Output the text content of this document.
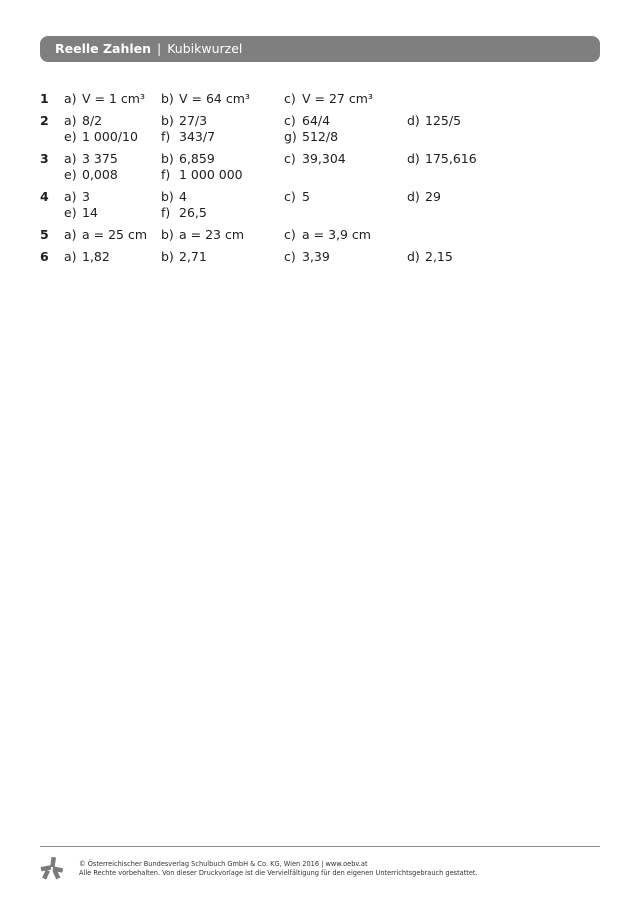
Reelle Zahlen | Kubikwurzel
1 a) V = 1 cm³ b) V = 64 cm³	c) V = 27 cm³
2 a) 8/2	b) 27/3	c) 64/4	d) 125/5
e) 1 000/10 f) 343/7	g) 512/8
3 a) 3 375	b) 6,859	c) 39,304	d) 175,616
e) 0,008	f) 1 000 000
4 a) 3	b) 4	c) 5	d) 29
e) 14	f) 26,5
5 a) a = 25 cm b) a = 23 cm	c) a = 3,9 cm
6 a) 1,82	b) 2,71	c) 3,39	d) 2,15
© Österreichischer Bundesverlag Schulbuch GmbH & Co. KG, Wien 2016 | www.oebv.at
Alle Rechte vorbehalten. Von dieser Druckvorlage ist die Vervielfältigung für den eigenen Unterrichtsgebrauch gestattet.
